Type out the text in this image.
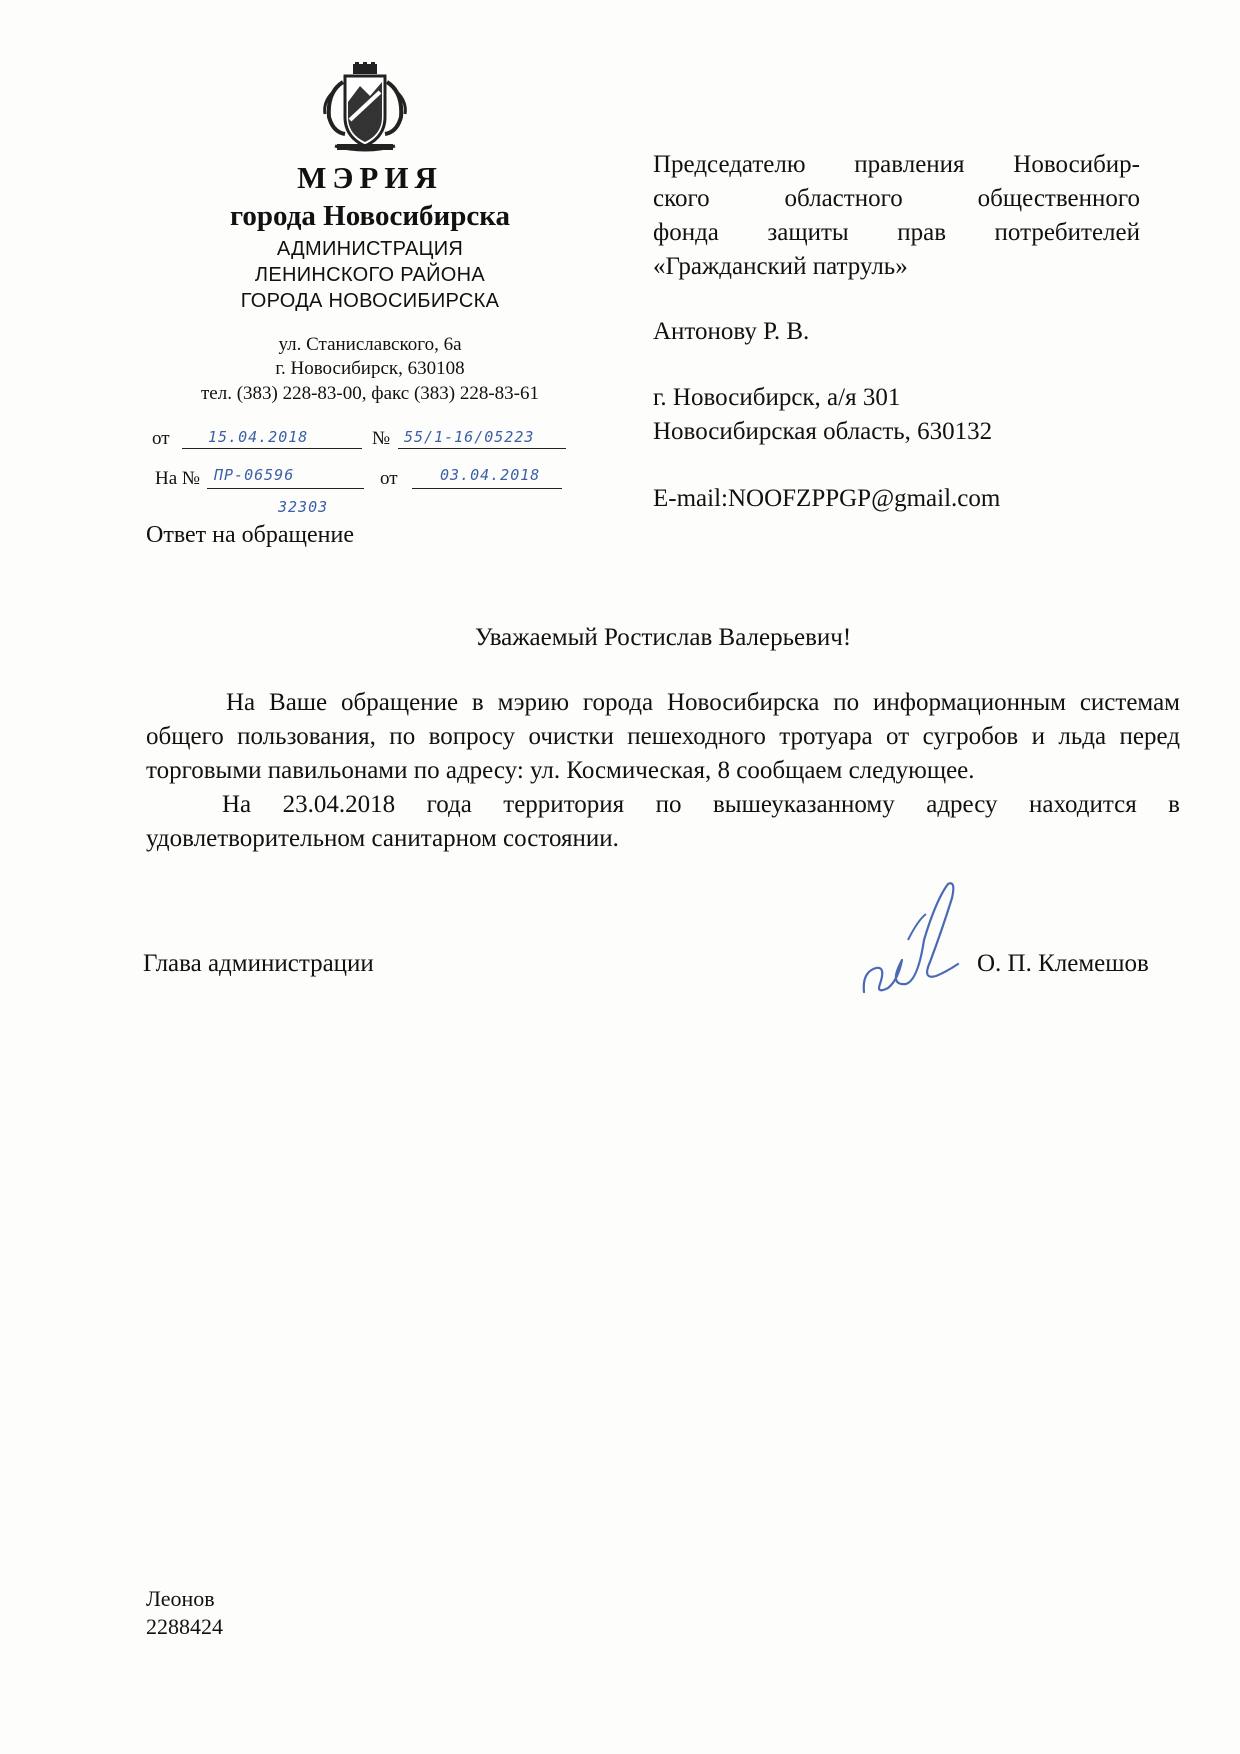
МЭРИЯ
города Новосибирска
АДМИНИСТРАЦИЯ
ЛЕНИНСКОГО РАЙОНА
ГОРОДА НОВОСИБИРСКА
ул. Станиславского, 6а
г. Новосибирск, 630108
тел. (383) 228-83-00, факс (383) 228-83-61
от	15.04.2018	№ 55/1-16/05223
На № ПР-06596	от	03.04.2018
32303
Ответ на обращение
Председателю правления Новосибир-
ского областного общественного
фонда защиты прав потребителей
«Гражданский патруль»
Антонову Р. В.
г. Новосибирск, а/я 301
Новосибирская область, 630132
E-mail:NOOFZPPGP@gmail.com
Уважаемый Ростислав Валерьевич!

На Ваше обращение в мэрию города Новосибирска по информационным системам общего пользования, по вопросу очистки пешеходного тротуара от сугробов и льда перед торговыми павильонами по адресу: ул. Космическая, 8 сообщаем следующее.

На 23.04.2018 года территория по вышеуказанному адресу находится в удовлетворительном санитарном состоянии.

Глава администрации	О. П. Клемешов
Леонов
2288424
